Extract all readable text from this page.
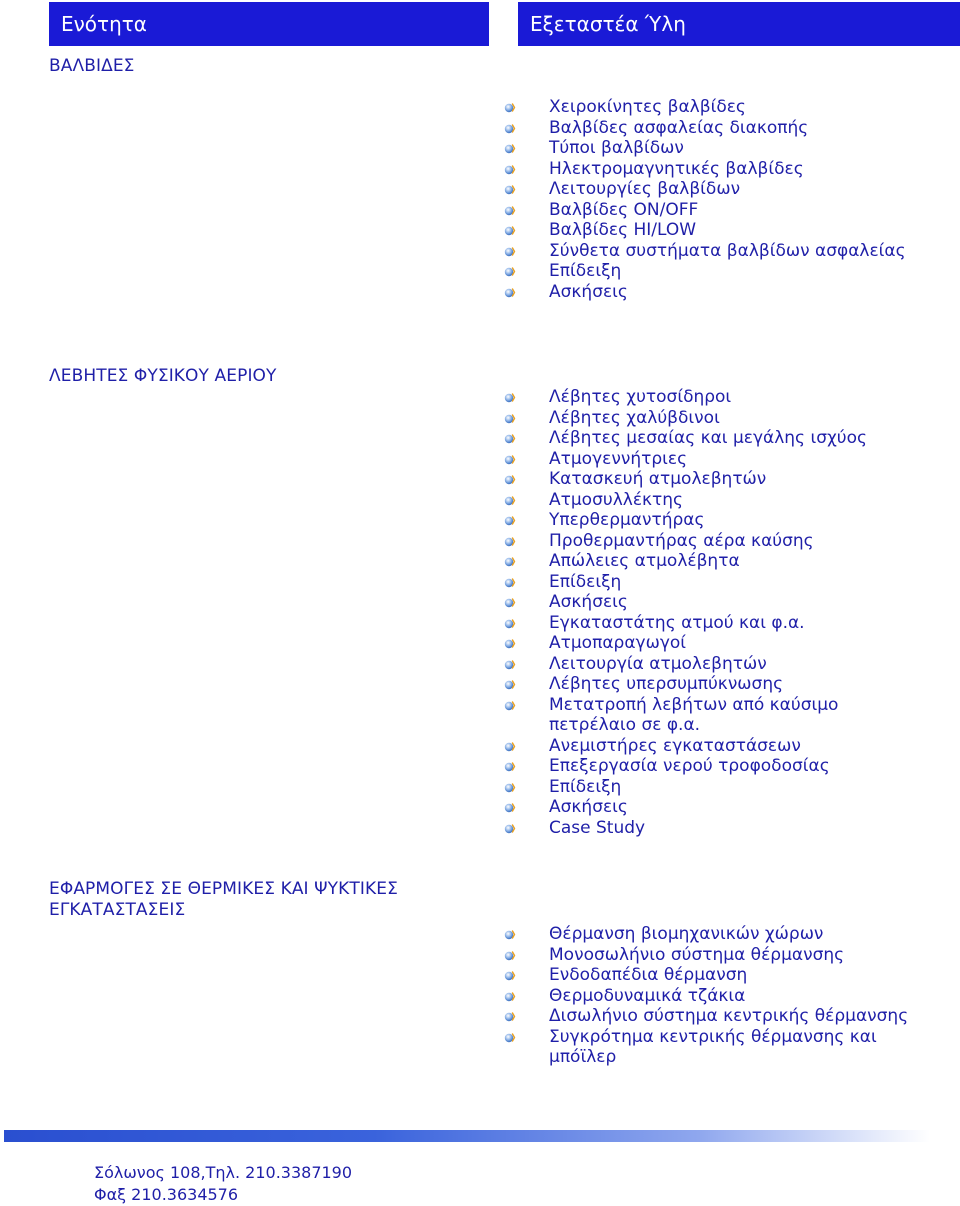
Ενότητα	Εξεταστέα Ύλη
ΒΑΛΒΙΔΕΣ
Χειροκίνητες βαλβίδες
Βαλβίδες ασφαλείας διακοπής
Τύποι βαλβίδων
Ηλεκτρομαγνητικές βαλβίδες
Λειτουργίες βαλβίδων
Βαλβίδες ON/OFF
Βαλβίδες HI/LOW
Σύνθετα συστήματα βαλβίδων ασφαλείας
Επίδειξη
Ασκήσεις
ΛΕΒΗΤΕΣ ΦΥΣΙΚΟΥ ΑΕΡΙΟΥ
Λέβητες χυτοσίδηροι
Λέβητες χαλύβδινοι
Λέβητες μεσαίας και μεγάλης ισχύος
Ατμογεννήτριες
Κατασκευή ατμολεβητών
Ατμοσυλλέκτης
Υπερθερμαντήρας
Προθερμαντήρας αέρα καύσης
Απώλειες ατμολέβητα
Επίδειξη
Ασκήσεις
Εγκαταστάτης ατμού και φ.α.
Ατμοπαραγωγοί
Λειτουργία ατμολεβητών
Λέβητες υπερσυμπύκνωσης
Μετατροπή λεβήτων από καύσιμο πετρέλαιο σε φ.α.
Ανεμιστήρες εγκαταστάσεων
Επεξεργασία νερού τροφοδοσίας
Επίδειξη
Ασκήσεις
Case Study
ΕΦΑΡΜΟΓΕΣ ΣΕ ΘΕΡΜΙΚΕΣ ΚΑΙ ΨΥΚΤΙΚΕΣ ΕΓΚΑΤΑΣΤΑΣΕΙΣ
Θέρμανση βιομηχανικών χώρων
Μονοσωλήνιο σύστημα θέρμανσης
Ενδοδαπέδια θέρμανση
Θερμοδυναμικά τζάκια
Δισωλήνιο σύστημα κεντρικής θέρμανσης
Συγκρότημα κεντρικής θέρμανσης και μπόϊλερ
Σόλωνος 108,Τηλ. 210.3387190
Φαξ 210.3634576
